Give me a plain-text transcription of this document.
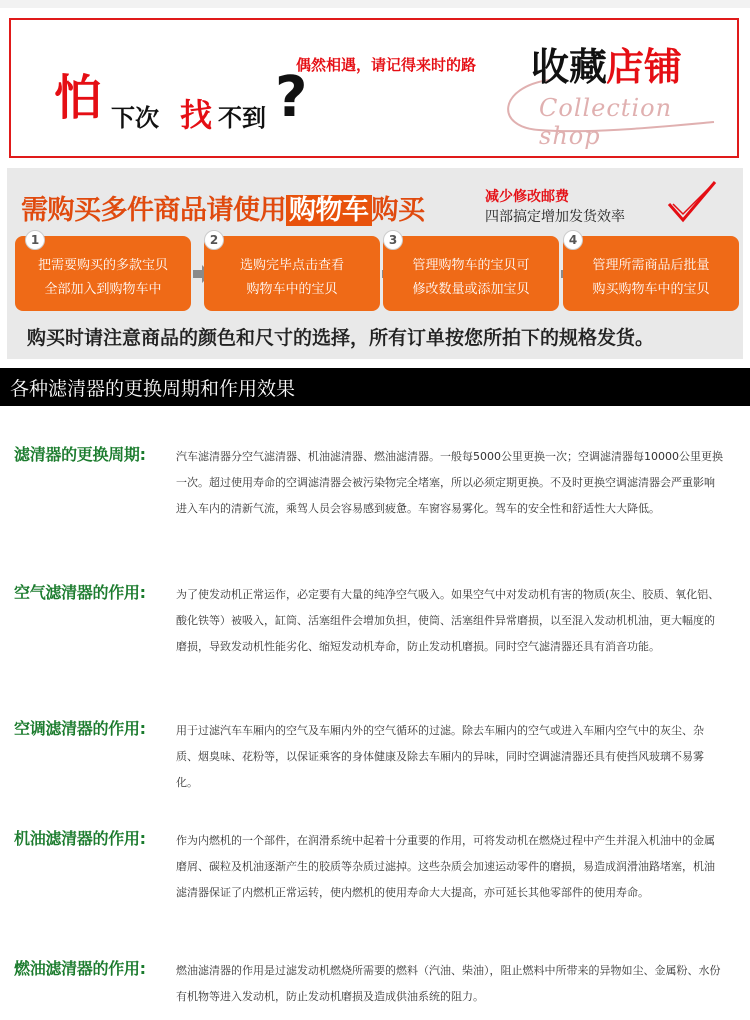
怕 下次 找 不到 ?
偶然相遇，请记得来时的路 收藏
店铺
Collection shop
需购买多件商品请使用 购物车 购买	减少修改邮费
四部搞定增加发货效率
把需要购买的多款宝贝
全部加入到购物车中
1
选购完毕点击查看
购物车中的宝贝
2
管理购物车的宝贝可
修改数量或添加宝贝
3
管理所需商品后批量
购买购物车中的宝贝
4
购买时请注意商品的颜色和尺寸的选择，所有订单按您所拍下的规格发货。
各种滤清器的更换周期和作用效果
滤清器的更换周期:	汽车滤清器分空气滤清器、机油滤清器、燃油滤清器。一般每5000公里更换一次；空调滤清器每10000公里更换一次。超过使用寿命的空调滤清器会被污染物完全堵塞，所以必须定期更换。不及时更换空调滤清器会严重影响进入车内的清新气流，乘驾人员会容易感到疲惫。车窗容易雾化。驾车的安全性和舒适性大大降低。
空气滤清器的作用:	为了使发动机正常运作，必定要有大量的纯净空气吸入。如果空气中对发动机有害的物质(灰尘、胶质、氧化铝、酸化铁等）被吸入，缸筒、活塞组件会增加负担，使筒、活塞组件异常磨损，以至混入发动机机油，更大幅度的磨损，导致发动机性能劣化、缩短发动机寿命，防止发动机磨损。同时空气滤清器还具有消音功能。
空调滤清器的作用:	用于过滤汽车车厢内的空气及车厢内外的空气循环的过滤。除去车厢内的空气或进入车厢内空气中的灰尘、杂质、烟臭味、花粉等，以保证乘客的身体健康及除去车厢内的异味，同时空调滤清器还具有使挡风玻璃不易雾化。
机油滤清器的作用:	作为内燃机的一个部件，在润滑系统中起着十分重要的作用，可将发动机在燃烧过程中产生并混入机油中的金属磨屑、碳粒及机油逐渐产生的胶质等杂质过滤掉。这些杂质会加速运动零件的磨损，易造成润滑油路堵塞，机油滤清器保证了内燃机正常运转，使内燃机的使用寿命大大提高，亦可延长其他零部件的使用寿命。
燃油滤清器的作用:	燃油滤清器的作用是过滤发动机燃烧所需要的燃料（汽油、柴油），阻止燃料中所带来的异物如尘、金属粉、水份有机物等进入发动机，防止发动机磨损及造成供油系统的阻力。
